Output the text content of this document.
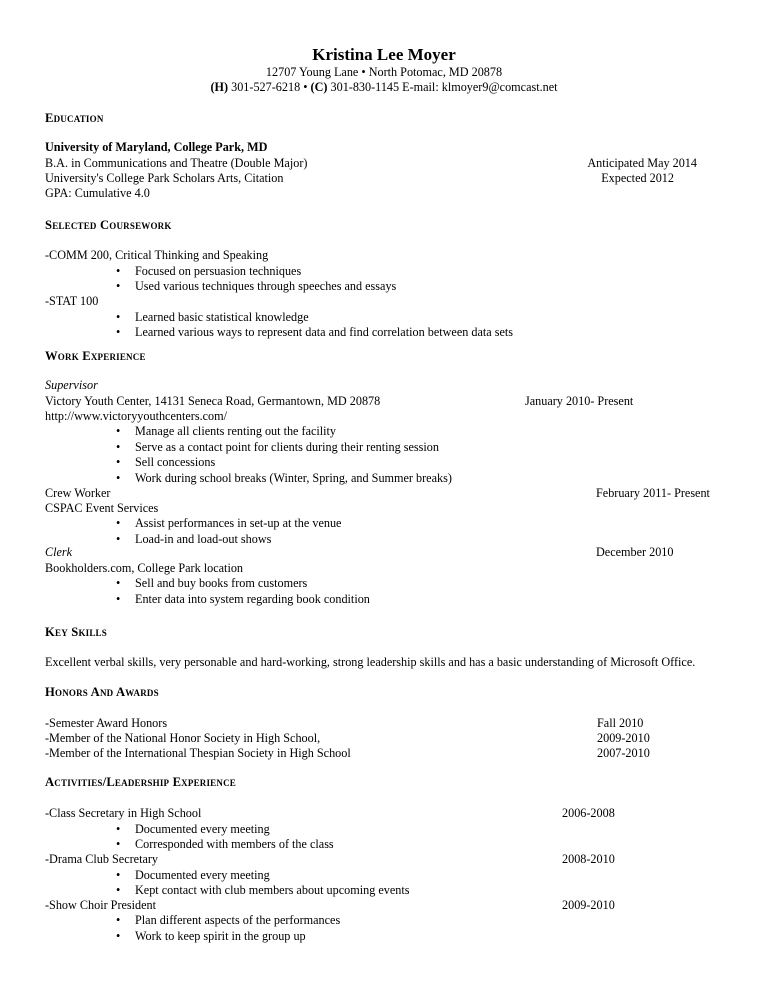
Kristina Lee Moyer
12707 Young Lane • North Potomac, MD 20878
(H) 301-527-6218 • (C) 301-830-1145 E-mail: klmoyer9@comcast.net
Education
University of Maryland, College Park, MD
B.A. in Communications and Theatre (Double Major)	Anticipated May 2014
University's College Park Scholars Arts, Citation	Expected 2012
GPA: Cumulative 4.0
Selected Coursework
-COMM 200, Critical Thinking and Speaking
• Focused on persuasion techniques
• Used various techniques through speeches and essays
-STAT 100
• Learned basic statistical knowledge
• Learned various ways to represent data and find correlation between data sets
Work Experience
Supervisor
Victory Youth Center, 14131 Seneca Road, Germantown, MD 20878	January 2010- Present
http://www.victoryyouthcenters.com/
• Manage all clients renting out the facility
• Serve as a contact point for clients during their renting session
• Sell concessions
• Work during school breaks (Winter, Spring, and Summer breaks)
Crew Worker	February 2011- Present
CSPAC Event Services
• Assist performances in set-up at the venue
• Load-in and load-out shows
Clerk	December 2010
Bookholders.com, College Park location
• Sell and buy books from customers
• Enter data into system regarding book condition
Key Skills
Excellent verbal skills, very personable and hard-working, strong leadership skills and has a basic understanding of Microsoft Office.
Honors And Awards
-Semester Award Honors	Fall 2010
-Member of the National Honor Society in High School,	2009-2010
-Member of the International Thespian Society in High School	2007-2010
Activities/Leadership Experience
-Class Secretary in High School	2006-2008
• Documented every meeting
• Corresponded with members of the class
-Drama Club Secretary	2008-2010
• Documented every meeting
• Kept contact with club members about upcoming events
-Show Choir President	2009-2010
• Plan different aspects of the performances
• Work to keep spirit in the group up
